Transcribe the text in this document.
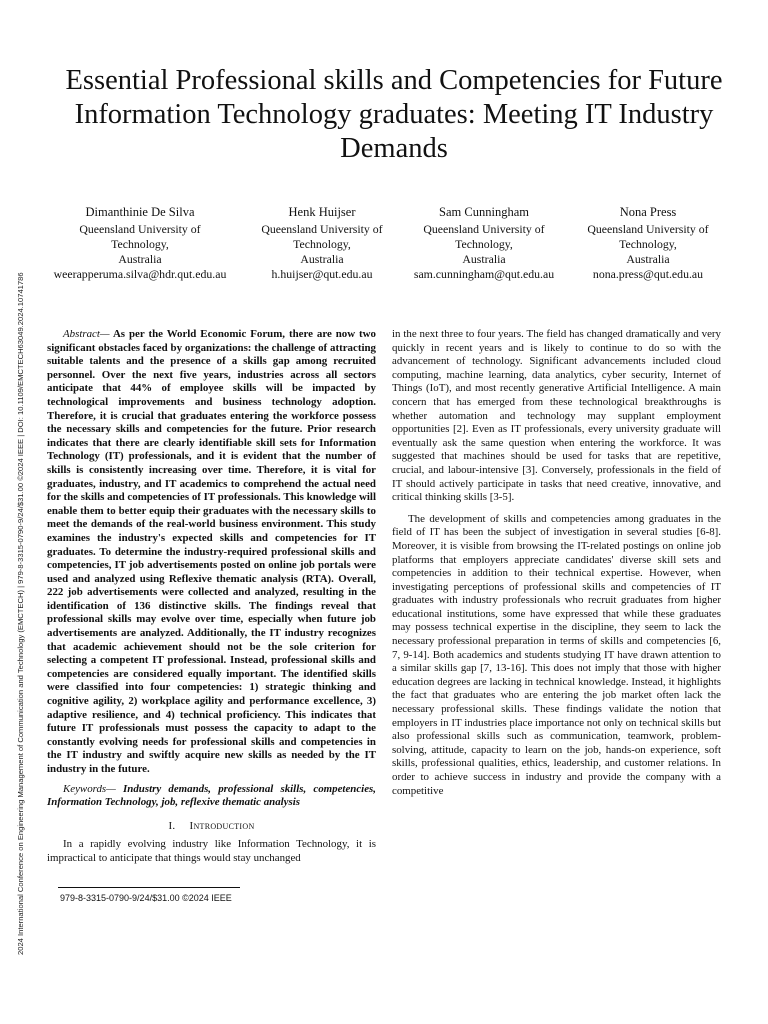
2024 International Conference on Engineering Management of Communication and Technology (EMCTECH) | 979-8-3315-0790-9/24/$31.00 ©2024 IEEE | DOI: 10.1109/EMCTECH63049.2024.10741786
Essential Professional skills and Competencies for Future Information Technology graduates: Meeting IT Industry Demands
Dimanthinie De Silva
Queensland University of
Technology,
Australia
weerapperuma.silva@hdr.qut.edu.au
Henk Huijser
Queensland University of
Technology,
Australia
h.huijser@qut.edu.au
Sam Cunningham
Queensland University of
Technology,
Australia
sam.cunningham@qut.edu.au
Nona Press
Queensland University of
Technology,
Australia
nona.press@qut.edu.au

Abstract— As per the World Economic Forum, there are now two significant obstacles faced by organizations: the challenge of attracting suitable talents and the presence of a skills gap among recruited personnel. Over the next five years, industries across all sectors anticipate that 44% of employee skills will be impacted by technological improvements and business technology adoption. Therefore, it is crucial that graduates entering the workforce possess the necessary skills and competencies for the future. Prior research indicates that there are clearly identifiable skill sets for Information Technology (IT) professionals, and it is evident that the number of skills is consistently increasing over time. Therefore, it is vital for graduates, industry, and IT academics to comprehend the actual need for the skills and competencies of IT professionals. This knowledge will enable them to better equip their graduates with the necessary skills to meet the demands of the real-world business environment. This study examines the industry's expected skills and competencies for IT graduates. To determine the industry-required professional skills and competencies, IT job advertisements posted on online job portals were used and analyzed using Reflexive thematic analysis (RTA). Overall, 222 job advertisements were collected and analyzed, resulting in the identification of 136 distinctive skills. The findings reveal that professional skills may evolve over time, especially when future job advertisements are analyzed. Additionally, the IT industry recognizes that academic achievement should not be the sole criterion for selecting a competent IT professional. Instead, professional skills and competencies are considered equally important. The identified skills were classified into four competencies: 1) strategic thinking and cognitive agility, 2) workplace agility and performance excellence, 3) adaptive resilience, and 4) technical proficiency. This indicates that future IT professionals must possess the capacity to adapt to the constantly evolving needs for professional skills and competencies in the IT industry and swiftly acquire new skills as needed by the IT industry in the future.

Keywords— Industry demands, professional skills, competencies, Information Technology, job, reflexive thematic analysis

I. Introduction

In a rapidly evolving industry like Information Technology, it is impractical to anticipate that things would stay unchanged

in the next three to four years. The field has changed dramatically and very quickly in recent years and is likely to continue to do so with the advancement of technology. Significant advancements included cloud computing, machine learning, data analytics, cyber security, Internet of Things (IoT), and most recently generative Artificial Intelligence. A main concern that has emerged from these technological breakthroughs is whether automation and technology may supplant employment opportunities [2]. Even as IT professionals, every university graduate will eventually ask the same question when entering the workforce. It was suggested that machines should be used for tasks that are repetitive, crucial, and labour-intensive [3]. Conversely, professionals in the field of IT should actively participate in tasks that need creative, innovative, and critical thinking skills [3-5].

The development of skills and competencies among graduates in the field of IT has been the subject of investigation in several studies [6-8]. Moreover, it is visible from browsing the IT-related postings on online job platforms that employers appreciate candidates' diverse skill sets and competencies in addition to their technical expertise. However, when investigating perceptions of professional skills and competencies of IT graduates with industry professionals who recruit graduates from higher educational institutions, some have expressed that while these graduates may possess technical expertise in the discipline, they seem to lack the necessary professional preparation in terms of skills and competencies [6, 7, 9-14]. Both academics and students studying IT have drawn attention to a similar skills gap [7, 13-16]. This does not imply that those with higher education degrees are lacking in technical knowledge. Instead, it highlights the fact that graduates who are entering the job market often lack the necessary professional skills. These findings validate the notion that employers in IT industries place importance not only on technical skills but also professional skills such as communication, teamwork, problem-solving, attitude, capacity to learn on the job, hands-on experience, soft skills, professional qualities, ethics, leadership, and customer relations. In order to achieve success in industry and provide the company with a competitive

979-8-3315-0790-9/24/$31.00 ©2024 IEEE
